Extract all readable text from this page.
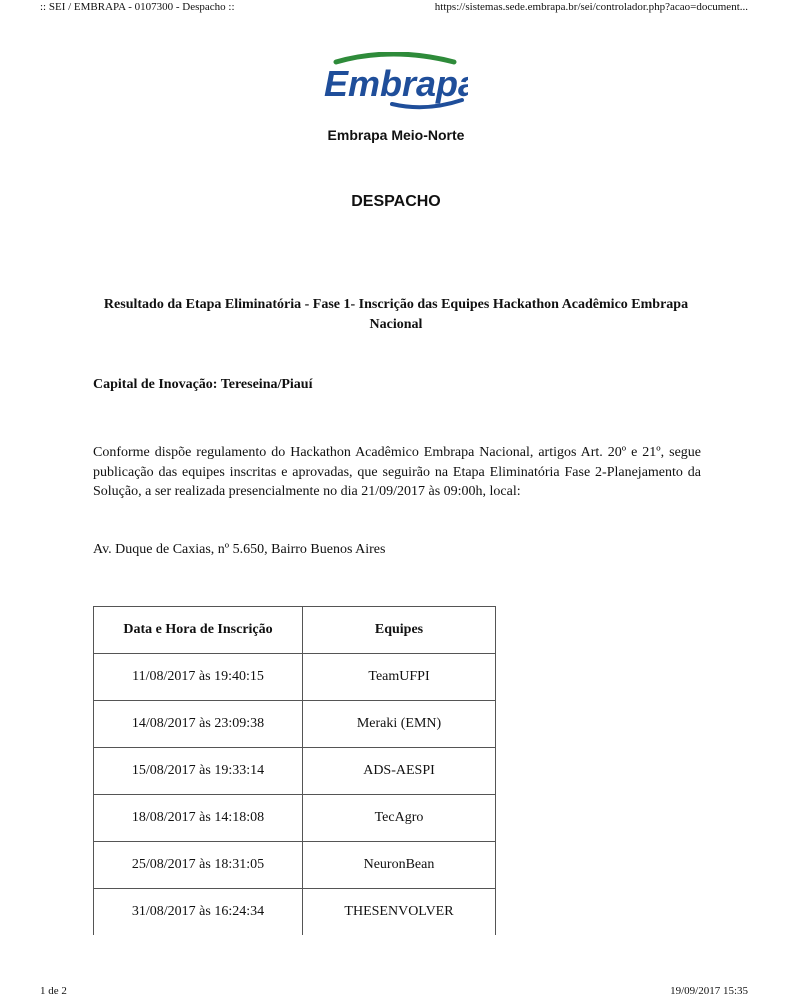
:: SEI / EMBRAPA - 0107300 - Despacho ::	https://sistemas.sede.embrapa.br/sei/controlador.php?acao=document...
Embrapa
Embrapa Meio-Norte
DESPACHO
Resultado da Etapa Eliminatória - Fase 1- Inscrição das Equipes Hackathon Acadêmico Embrapa Nacional
Capital de Inovação: Tereseina/Piauí
Conforme dispõe regulamento do Hackathon Acadêmico Embrapa Nacional, artigos Art. 20º e 21º, segue publicação das equipes inscritas e aprovadas, que seguirão na Etapa Eliminatória Fase 2-Planejamento da Solução, a ser realizada presencialmente no dia 21/09/2017 às 09:00h, local:
Av. Duque de Caxias, nº 5.650, Bairro Buenos Aires
Data e Hora de Inscrição	Equipes
11/08/2017 às 19:40:15	TeamUFPI
14/08/2017 às 23:09:38	Meraki (EMN)
15/08/2017 às 19:33:14	ADS-AESPI
18/08/2017 às 14:18:08	TecAgro
25/08/2017 às 18:31:05	NeuronBean
31/08/2017 às 16:24:34	THESENVOLVER
1 de 2	19/09/2017 15:35
